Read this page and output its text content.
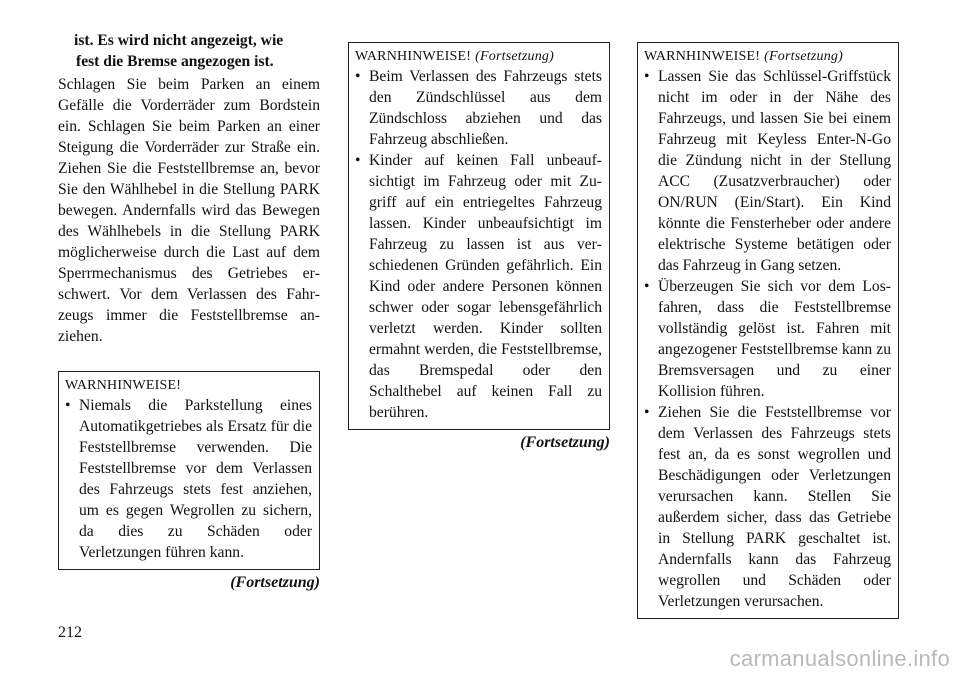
ist. Es wird nicht angezeigt, wie
fest die Bremse angezogen ist.

Schlagen Sie beim Parken an einem Gefälle die Vorderräder zum Bordstein ein. Schlagen Sie beim Parken an einer Steigung die Vorderräder zur Straße ein. Ziehen Sie die Feststellbremse an, bevor Sie den Wählhebel in die Stellung PARK bewegen. Andernfalls wird das Bewegen des Wählhebels in die Stellung PARK möglicherweise durch die Last auf dem Sperrmechanismus des Getriebes erschwert. Vor dem Verlassen des Fahrzeugs immer die Feststellbremse anziehen.

WARNHINWEISE!
• Niemals die Parkstellung eines Automatikgetriebes als Ersatz für die Feststellbremse verwenden. Die Feststellbremse vor dem Verlassen des Fahrzeugs stets fest anziehen, um es gegen Wegrollen zu sichern, da dies zu Schäden oder Verletzungen führen kann.
(Fortsetzung)
WARNHINWEISE! (Fortsetzung)
• Beim Verlassen des Fahrzeugs stets den Zündschlüssel aus dem Zündschloss abziehen und das Fahrzeug abschließen.
• Kinder auf keinen Fall unbeaufsichtigt im Fahrzeug oder mit Zugriff auf ein entriegeltes Fahrzeug lassen. Kinder unbeaufsichtigt im Fahrzeug zu lassen ist aus verschiedenen Gründen gefährlich. Ein Kind oder andere Personen können schwer oder sogar lebensgefährlich verletzt werden. Kinder sollten ermahnt werden, die Feststellbremse, das Bremspedal oder den Schalthebel auf keinen Fall zu berühren.
(Fortsetzung)
WARNHINWEISE! (Fortsetzung)
• Lassen Sie das Schlüssel-Griffstück nicht im oder in der Nähe des Fahrzeugs, und lassen Sie bei einem Fahrzeug mit Keyless Enter-N-Go die Zündung nicht in der Stellung ACC (Zusatzverbraucher) oder ON/RUN (Ein/Start). Ein Kind könnte die Fensterheber oder andere elektrische Systeme betätigen oder das Fahrzeug in Gang setzen.
• Überzeugen Sie sich vor dem Losfahren, dass die Feststellbremse vollständig gelöst ist. Fahren mit angezogener Feststellbremse kann zu Bremsversagen und zu einer Kollision führen.
• Ziehen Sie die Feststellbremse vor dem Verlassen des Fahrzeugs stets fest an, da es sonst wegrollen und Beschädigungen oder Verletzungen verursachen kann. Stellen Sie außerdem sicher, dass das Getriebe in Stellung PARK geschaltet ist. Andernfalls kann das Fahrzeug wegrollen und Schäden oder Verletzungen verursachen.
212
carmanualsonline.info
